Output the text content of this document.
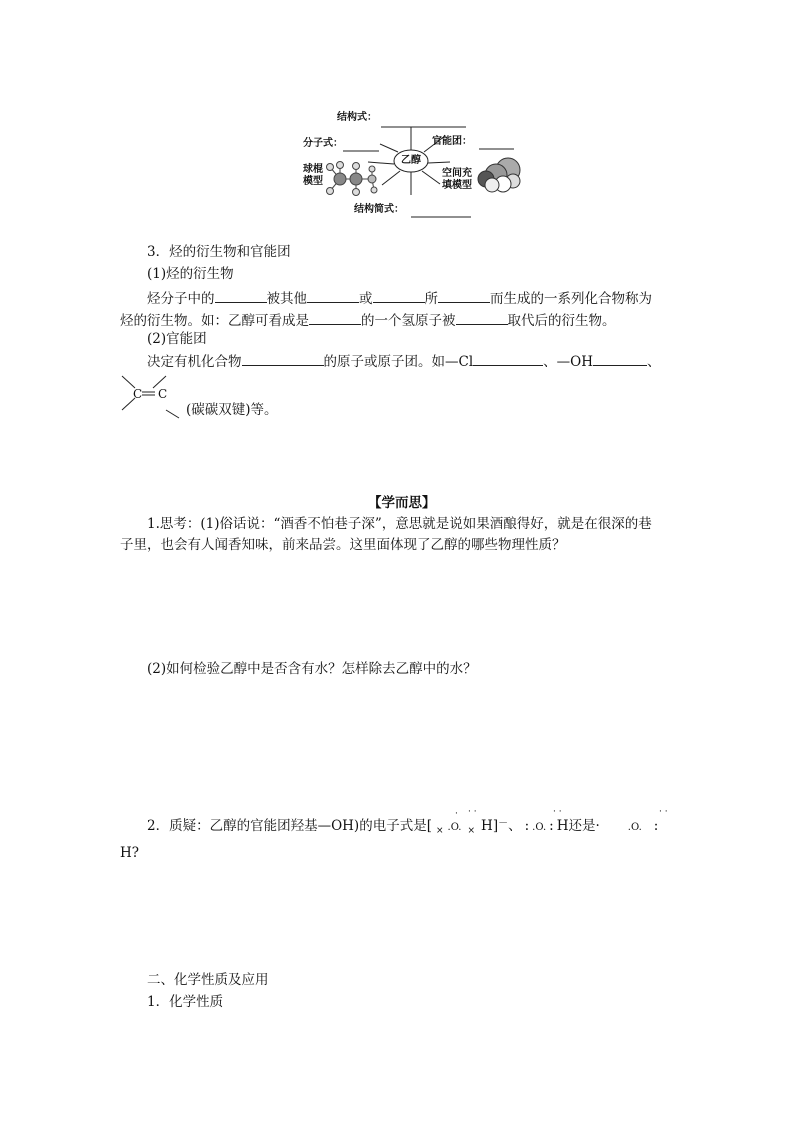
结构式：
分子式：	官能团：
乙醇
球棍
模型
空间充
填模型
结构简式：
3．烃的衍生物和官能团
(1)烃的衍生物
烃分子中的	被其他	或	所	而生成的一系列化合物称为
烃的衍生物。如：乙醇可看成是	的一个氢原子被	取代后的衍生物。
(2)官能团
决定有机化合物	的原子或原子团。如—Cl	、—OH	、
C C
(碳碳双键)等。
【学而思】
1.思考：(1)俗话说：“酒香不怕巷子深”，意思就是说如果酒酿得好，就是在很深的巷
子里，也会有人闻香知味，前来品尝。这里面体现了乙醇的哪些物理性质？
(2)如何检验乙醇中是否含有水？怎样除去乙醇中的水？
2．质疑：乙醇的官能团羟基—OH)的电子式是[ $_\times$ .O. $_\times$ H]－、 : .O. : H还是·	.O. :
· · ·	· ·	· ·
H?
二、化学性质及应用
1．化学性质
